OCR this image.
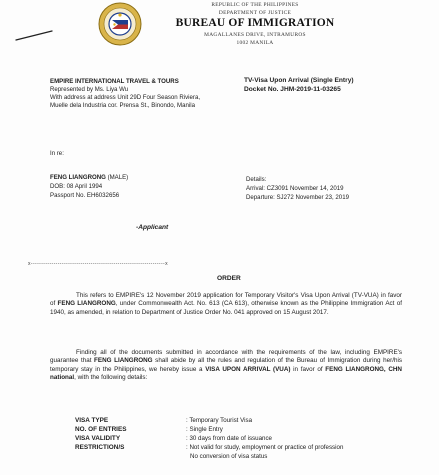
REPUBLIC OF THE PHILIPPINES
DEPARTMENT OF JUSTICE
BUREAU OF IMMIGRATION
MAGALLANES DRIVE, INTRAMUROS
1002 MANILA
EMPIRE INTERNATIONAL TRAVEL & TOURS
Represented by Ms. Liya Wu
With address at address Unit 29D Four Season Riviera,
Muelle dela Industria cor. Prensa St., Binondo, Manila
TV-Visa Upon Arrival (Single Entry)
Docket No. JHM-2019-11-03265
In re:
FENG LIANGRONG (MALE)
DOB: 08 April 1994
Passport No. EH6032656
Details:
Arrival: CZ3091 November 14, 2019
Departure: SJ272 November 23, 2019
-Applicant
x-----------------------------------------------------------------x
ORDER
This refers to EMPIRE's 12 November 2019 application for Temporary Visitor's Visa Upon Arrival (TV-VUA) in favor of FENG LIANGRONG, under Commonwealth Act. No. 613 (CA 613), otherwise known as the Philippine Immigration Act of 1940, as amended, in relation to Department of Justice Order No. 041 approved on 15 August 2017.
Finding all of the documents submitted in accordance with the requirements of the law, including EMPIRE's guarantee that FENG LIANGRONG shall abide by all the rules and regulation of the Bureau of Immigration during her/his temporary stay in the Philippines, we hereby issue a VISA UPON ARRIVAL (VUA) in favor of FENG LIANGRONG, CHN national, with the following details:
VISA TYPE	: Temporary Tourist Visa
NO. OF ENTRIES	: Single Entry
VISA VALIDITY	: 30 days from date of issuance
RESTRICTION/S	: Not valid for study, employment or practice of profession
No conversion of visa status
